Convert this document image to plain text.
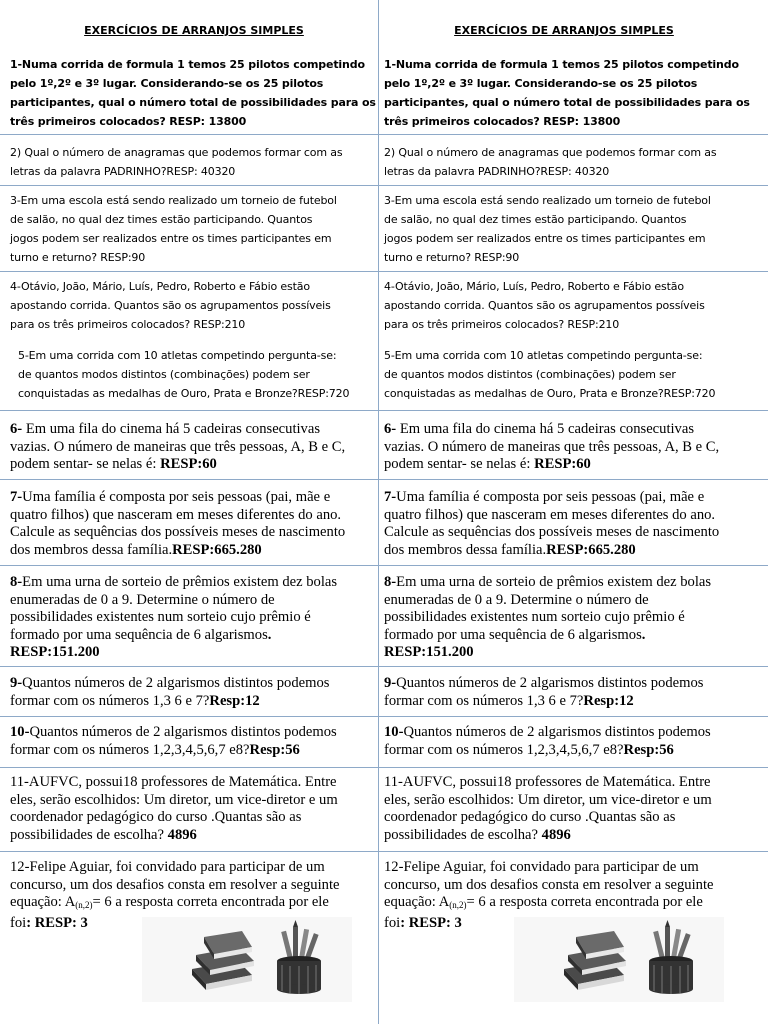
EXERCÍCIOS DE ARRANJOS SIMPLES

1-Numa corrida de formula 1 temos 25 pilotos competindo

pelo 1º,2º e 3º lugar. Considerando-se os 25 pilotos

participantes, qual o número total de possibilidades para os

três primeiros colocados? RESP: 13800

2) Qual o número de anagramas que podemos formar com as

letras da palavra PADRINHO?RESP: 40320

3-Em uma escola está sendo realizado um torneio de futebol

de salão, no qual dez times estão participando. Quantos

jogos podem ser realizados entre os times participantes em

turno e returno? RESP:90

4-Otávio, João, Mário, Luís, Pedro, Roberto e Fábio estão

apostando corrida. Quantos são os agrupamentos possíveis

para os três primeiros colocados? RESP:210

5-Em uma corrida com 10 atletas competindo pergunta-se:

de quantos modos distintos (combinações) podem ser

conquistadas as medalhas de Ouro, Prata e Bronze?RESP:720

6- Em uma fila do cinema há 5 cadeiras consecutivas

vazias. O número de maneiras que três pessoas, A, B e C,

podem sentar- se nelas é: RESP:60

7-Uma família é composta por seis pessoas (pai, mãe e

quatro filhos) que nasceram em meses diferentes do ano.

Calcule as sequências dos possíveis meses de nascimento

dos membros dessa família.RESP:665.280

8-Em uma urna de sorteio de prêmios existem dez bolas

enumeradas de 0 a 9. Determine o número de

possibilidades existentes num sorteio cujo prêmio é

formado por uma sequência de 6 algarismos.

RESP:151.200

9-Quantos números de 2 algarismos distintos podemos

formar com os números 1,3 6 e 7?Resp:12

10-Quantos números de 2 algarismos distintos podemos

formar com os números 1,2,3,4,5,6,7 e8?Resp:56

11-AUFVC, possui18 professores de Matemática. Entre

eles, serão escolhidos: Um diretor, um vice-diretor e um

coordenador pedagógico do curso .Quantas são as

possibilidades de escolha? 4896

12-Felipe Aguiar, foi convidado para participar de um

concurso, um dos desafios consta em resolver a seguinte

equação: $A_{(n,2)}= 6$ a resposta correta encontrada por ele

foi: RESP: 3

EXERCÍCIOS DE ARRANJOS SIMPLES

1-Numa corrida de formula 1 temos 25 pilotos competindo

pelo 1º,2º e 3º lugar. Considerando-se os 25 pilotos

participantes, qual o número total de possibilidades para os

três primeiros colocados? RESP: 13800

2) Qual o número de anagramas que podemos formar com as

letras da palavra PADRINHO?RESP: 40320

3-Em uma escola está sendo realizado um torneio de futebol

de salão, no qual dez times estão participando. Quantos

jogos podem ser realizados entre os times participantes em

turno e returno? RESP:90

4-Otávio, João, Mário, Luís, Pedro, Roberto e Fábio estão

apostando corrida. Quantos são os agrupamentos possíveis

para os três primeiros colocados? RESP:210

5-Em uma corrida com 10 atletas competindo pergunta-se:

de quantos modos distintos (combinações) podem ser

conquistadas as medalhas de Ouro, Prata e Bronze?RESP:720

6- Em uma fila do cinema há 5 cadeiras consecutivas

vazias. O número de maneiras que três pessoas, A, B e C,

podem sentar- se nelas é: RESP:60

7-Uma família é composta por seis pessoas (pai, mãe e

quatro filhos) que nasceram em meses diferentes do ano.

Calcule as sequências dos possíveis meses de nascimento

dos membros dessa família.RESP:665.280

8-Em uma urna de sorteio de prêmios existem dez bolas

enumeradas de 0 a 9. Determine o número de

possibilidades existentes num sorteio cujo prêmio é

formado por uma sequência de 6 algarismos.

RESP:151.200

9-Quantos números de 2 algarismos distintos podemos

formar com os números 1,3 6 e 7?Resp:12

10-Quantos números de 2 algarismos distintos podemos

formar com os números 1,2,3,4,5,6,7 e8?Resp:56

11-AUFVC, possui18 professores de Matemática. Entre

eles, serão escolhidos: Um diretor, um vice-diretor e um

coordenador pedagógico do curso .Quantas são as

possibilidades de escolha? 4896

12-Felipe Aguiar, foi convidado para participar de um

concurso, um dos desafios consta em resolver a seguinte

equação: $A_{(n,2)}= 6$ a resposta correta encontrada por ele

foi: RESP: 3
